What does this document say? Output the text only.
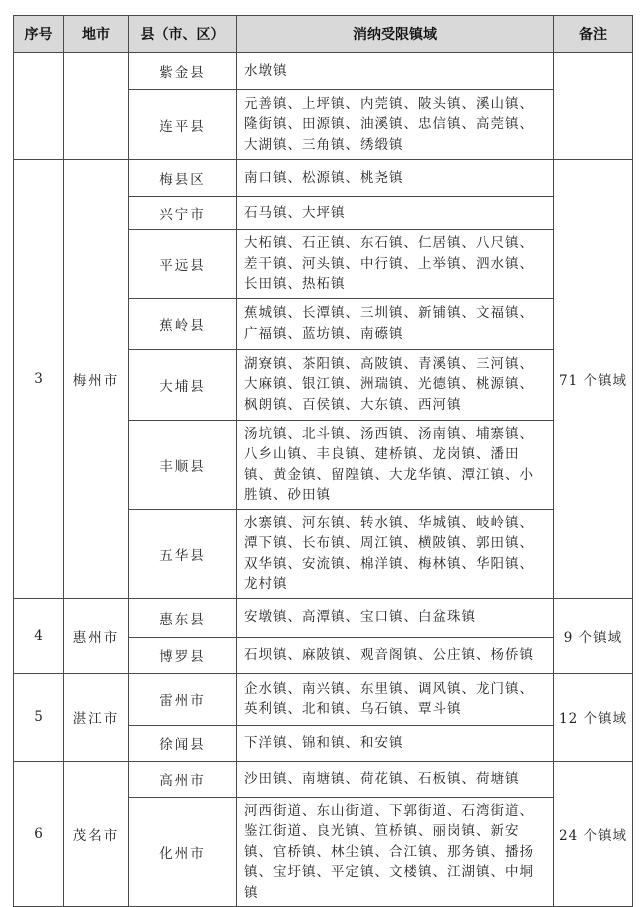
序号	地市	县（市、区）	消纳受限镇域	备注
		紫金县	水墩镇	
		连平县	元善镇、上坪镇、内莞镇、陂头镇、溪山镇、隆街镇、田源镇、油溪镇、忠信镇、高莞镇、大湖镇、三角镇、绣缎镇	
3	梅州市	梅县区	南口镇、松源镇、桃尧镇	71 个镇域
		兴宁市	石马镇、大坪镇	
		平远县	大柘镇、石正镇、东石镇、仁居镇、八尺镇、差干镇、河头镇、中行镇、上举镇、泗水镇、长田镇、热柘镇	
		蕉岭县	蕉城镇、长潭镇、三圳镇、新铺镇、文福镇、广福镇、蓝坊镇、南礤镇	
		大埔县	湖寮镇、茶阳镇、高陂镇、青溪镇、三河镇、大麻镇、银江镇、洲瑞镇、光德镇、桃源镇、枫朗镇、百侯镇、大东镇、西河镇	
		丰顺县	汤坑镇、北斗镇、汤西镇、汤南镇、埔寨镇、八乡山镇、丰良镇、建桥镇、龙岗镇、潘田镇、黄金镇、留隍镇、大龙华镇、潭江镇、小胜镇、砂田镇	
		五华县	水寨镇、河东镇、转水镇、华城镇、岐岭镇、潭下镇、长布镇、周江镇、横陂镇、郭田镇、双华镇、安流镇、棉洋镇、梅林镇、华阳镇、龙村镇	
4	惠州市	惠东县	安墩镇、高潭镇、宝口镇、白盆珠镇	9 个镇域
		博罗县	石坝镇、麻陂镇、观音阁镇、公庄镇、杨侨镇	
5	湛江市	雷州市	企水镇、南兴镇、东里镇、调风镇、龙门镇、英利镇、北和镇、乌石镇、覃斗镇	12 个镇域
		徐闻县	下洋镇、锦和镇、和安镇	
6	茂名市	高州市	沙田镇、南塘镇、荷花镇、石板镇、荷塘镇	24 个镇域
		化州市	河西街道、东山街道、下郭街道、石湾街道、鉴江街道、良光镇、笪桥镇、丽岗镇、新安镇、官桥镇、林尘镇、合江镇、那务镇、播扬镇、宝圩镇、平定镇、文楼镇、江湖镇、中垌镇	
